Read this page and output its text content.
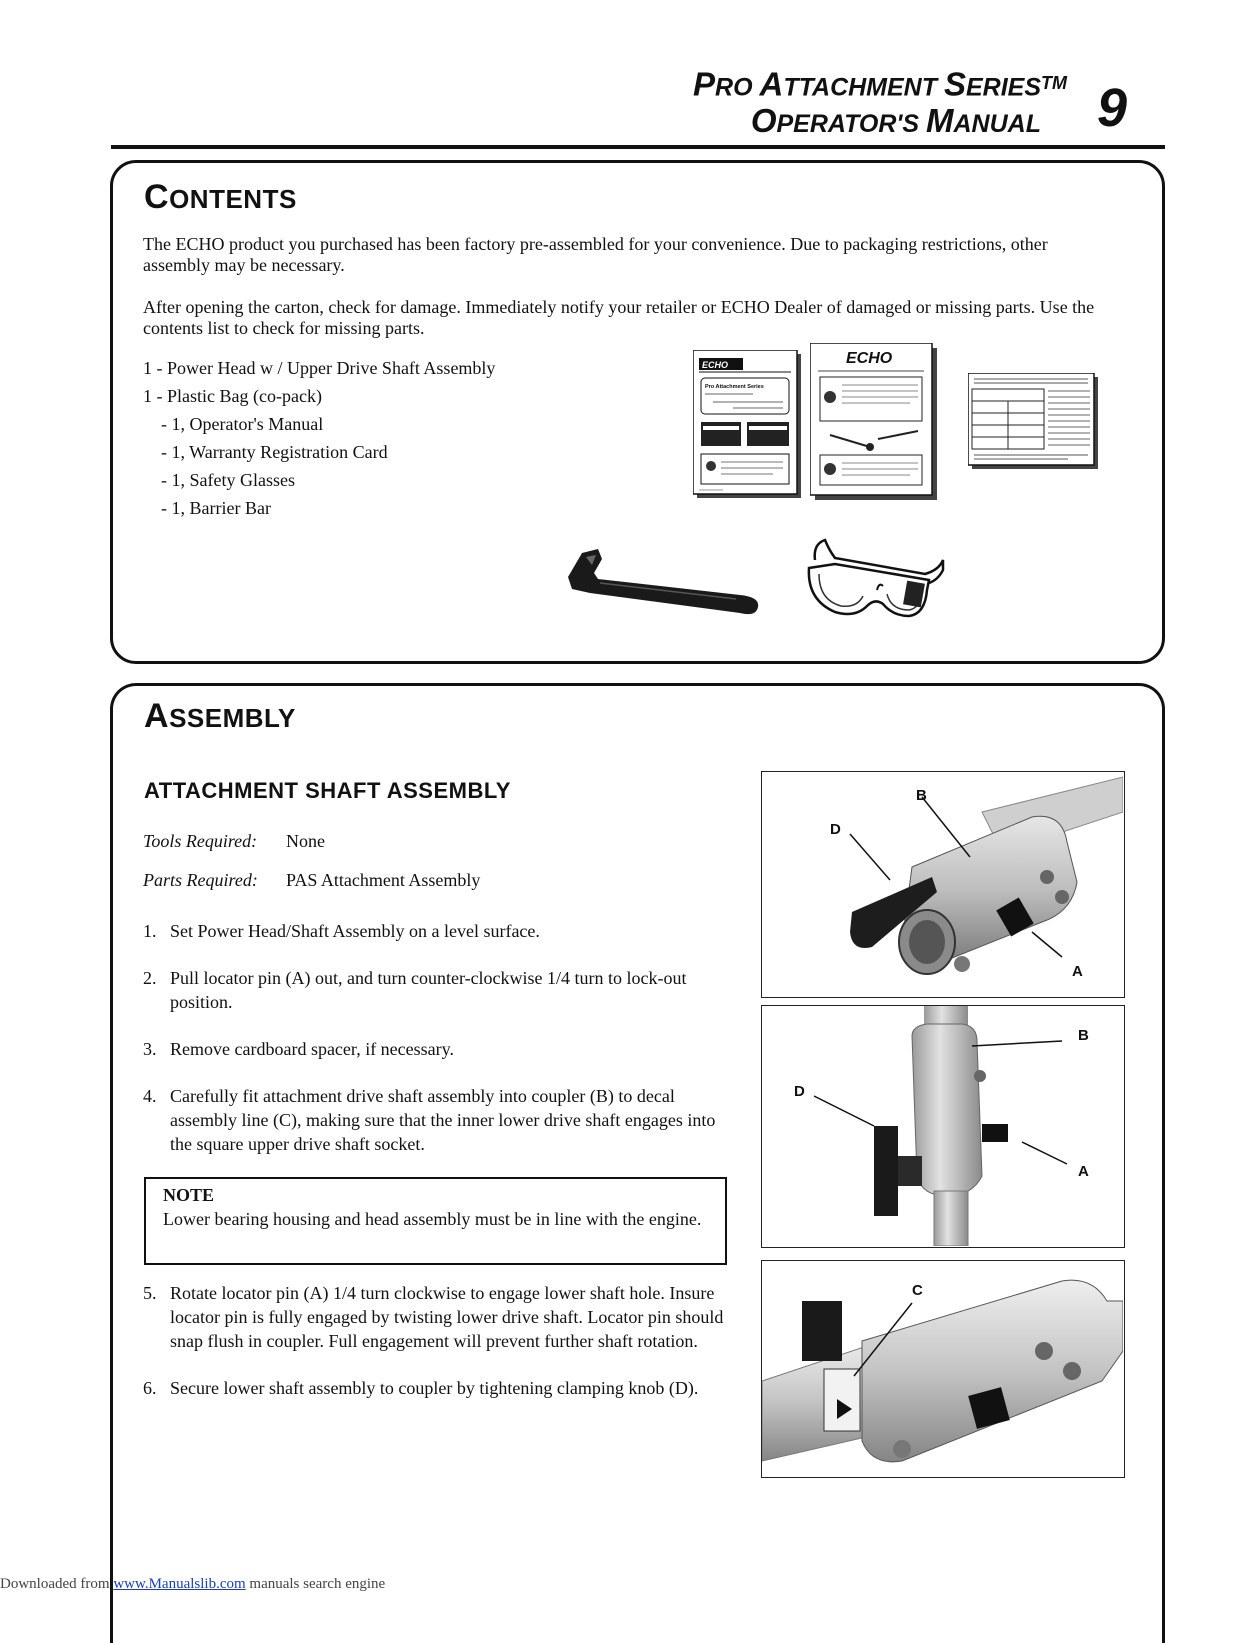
PRO ATTACHMENT SERIES™
OPERATOR'S MANUAL	9
CONTENTS
The ECHO product you purchased has been factory pre-assembled for your convenience. Due to packaging restrictions, other assembly may be necessary.
After opening the carton, check for damage. Immediately notify your retailer or ECHO Dealer of damaged or missing parts. Use the contents list to check for missing parts.
1 - Power Head w / Upper Drive Shaft Assembly
1 - Plastic Bag (co-pack)
- 1, Operator's Manual
- 1, Warranty Registration Card
- 1, Safety Glasses
- 1, Barrier Bar
ECHO
Pro Attachment Series
ECHO
ASSEMBLY
ATTACHMENT SHAFT ASSEMBLY
Tools Required: None
Parts Required: PAS Attachment Assembly
1. Set Power Head/Shaft Assembly on a level surface.
2. Pull locator pin (A) out, and turn counter-clockwise 1/4 turn to lock-out position.
3. Remove cardboard spacer, if necessary.
4. Carefully fit attachment drive shaft assembly into coupler (B) to decal assembly line (C), making sure that the inner lower drive shaft engages into the square upper drive shaft socket.
NOTE
Lower bearing housing and head assembly must be in line with the engine.
5. Rotate locator pin (A) 1/4 turn clockwise to engage lower shaft hole. Insure locator pin is fully engaged by twisting lower drive shaft. Locator pin should snap flush in coupler. Full engagement will prevent further shaft rotation.
6. Secure lower shaft assembly to coupler by tightening clamping knob (D).
B
D
A
B
D
A
C
Downloaded from www.Manualslib.com manuals search engine
